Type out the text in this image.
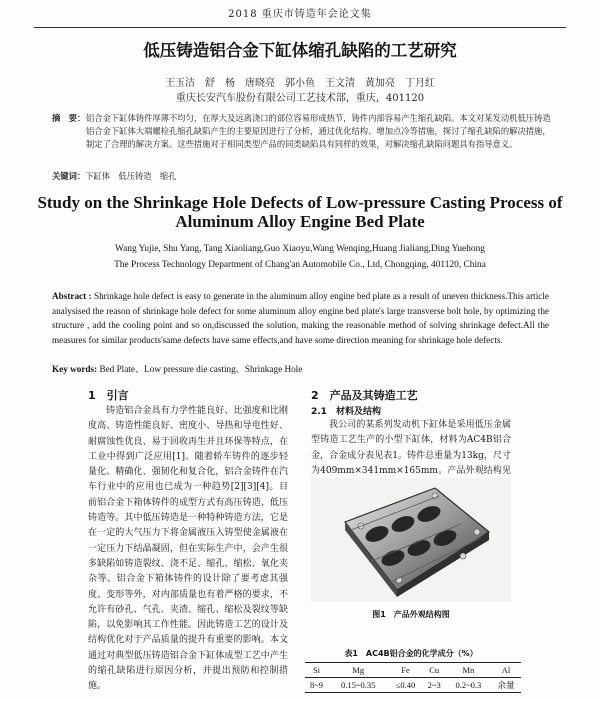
2018 重庆市铸造年会论文集
低压铸造铝合金下缸体缩孔缺陷的工艺研究
王玉洁　舒　杨　唐晓亮　郭小鱼　王文清　黄加亮　丁月红
重庆长安汽车股份有限公司工艺技术部，重庆，401120
摘　要： 铝合金下缸体铸件厚薄不均匀，在厚大及远离浇口的部位容易形成热节，铸件内部容易产生缩孔缺陷。本文对某发动机低压铸造铝合金下缸体大端螺栓孔缩孔缺陷产生的主要原因进行了分析，通过优化结构、增加点冷等措施，探讨了缩孔缺陷的解决措施，制定了合理的解决方案。这些措施对于相同类型产品的同类缺陷具有同样的效果，对解决缩孔缺陷问题具有指导意义。
关键词：下缸体　低压铸造　缩孔
Study on the Shrinkage Hole Defects of Low-pressure Casting Process of
Aluminum Alloy Engine Bed Plate
Wang Yujie, Shu Yang, Tang Xiaoliang,Guo Xiaoyu,Wang Wenqing,Huang Jialiang,Ding Yuehong
The Process Technology Department of Chang'an Automobile Co., Ltd, Chongqing, 401120, China
Abstract : Shrinkage hole defect is easy to generate in the aluminum alloy engine bed plate as a result of uneven thickness.This article analysised the reason of shrinkage hole defect for some aluminum alloy engine bed plate's large transverse bolt hole, by optimizing the structure , add the cooling point and so on,discussed the solution, making the reasonable method of solving shrinkage defect.All the measures for similar products'same defects have same effects,and have some direction meaning for shrinkage hole defects.
Key words: Bed Plate、Low pressure die casting、Shrinkage Hole
1　引言

铸造铝合金具有力学性能良好、比强度和比刚度高、铸造性能良好、密度小、导热和导电性好、耐腐蚀性优良、易于回收再生并且环保等特点，在工业中得到广泛应用[1]。随着轿车铸件的逐步轻量化、精确化、强韧化和复合化，铝合金铸件在汽车行业中的应用也已成为一种趋势[2][3][4]。目前铝合金下箱体铸件的成型方式有高压铸造、低压铸造等。其中低压铸造是一种特种铸造方法，它是在一定的大气压力下将金属液压入铸型使金属液在一定压力下结晶凝固，但在实际生产中，会产生很多缺陷如铸造裂纹、浇不足、缩孔、缩松、氧化夹杂等。铝合金下箱体铸件的设计除了要考虑其强度、变形等外，对内部质量也有着严格的要求，不允许有砂孔、气孔、夹渣、缩孔、缩松及裂纹等缺陷，以免影响其工作性能。因此铸造工艺的设计及结构优化对于产品质量的提升有重要的影响。本文通过对典型低压铸造铝合金下缸体成型工艺中产生的缩孔缺陷进行原因分析，并提出预防和控制措施。

2　产品及其铸造工艺
2.1　材料及结构

我公司的某系列发动机下缸体是采用低压金属型铸造工艺生产的小型下缸体，材料为AC4B铝合金，合金成分表见表1。铸件总重量为13kg，尺寸为409mm×341mm×165mm。产品外观结构见

图1　产品外观结构图
表1　AC4B铝合金的化学成分（%）
Si	Mg	Fe	Cu	Mn	Al
8~9	0.15~0.35	≤0.40	2~3	0.2~0.3	余量
